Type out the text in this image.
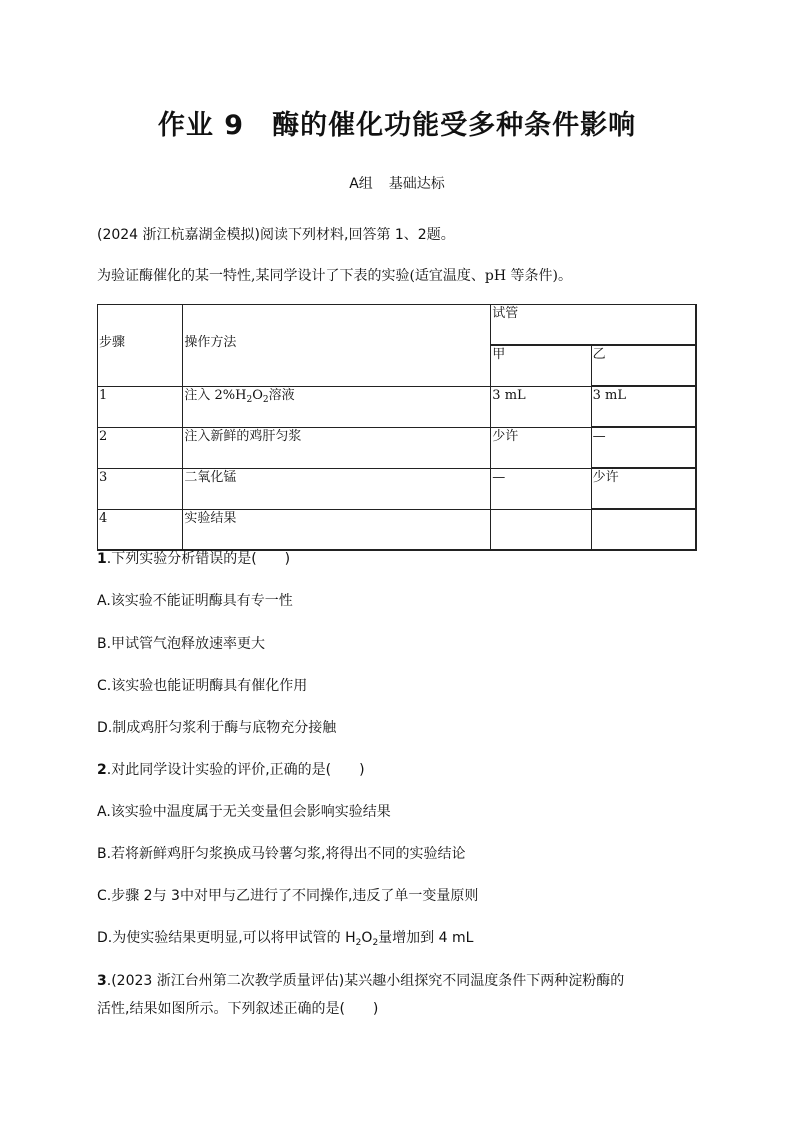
作业 9 酶的催化功能受多种条件影响
A组 基础达标
(2024 浙江杭嘉湖金模拟)阅读下列材料,回答第 1、2题。
为验证酶催化的某一特性,某同学设计了下表的实验(适宜温度、pH 等条件)。
步骤	操作方法	试管	
		甲	乙
1	注入 $2\%H_2O_2$溶液	3 mL	3 mL
2	注入新鲜的鸡肝匀浆	少许	—
3	二氧化锰	—	少许
4	实验结果		
1.下列实验分析错误的是(　　)
A.该实验不能证明酶具有专一性
B.甲试管气泡释放速率更大
C.该实验也能证明酶具有催化作用
D.制成鸡肝匀浆利于酶与底物充分接触
2.对此同学设计实验的评价,正确的是(　　)
A.该实验中温度属于无关变量但会影响实验结果
B.若将新鲜鸡肝匀浆换成马铃薯匀浆,将得出不同的实验结论
C.步骤 2与 3中对甲与乙进行了不同操作,违反了单一变量原则
D.为使实验结果更明显,可以将甲试管的 $H_2O_2$量增加到 4 mL
3.(2023 浙江台州第二次教学质量评估)某兴趣小组探究不同温度条件下两种淀粉酶的
活性,结果如图所示。下列叙述正确的是(　　)
